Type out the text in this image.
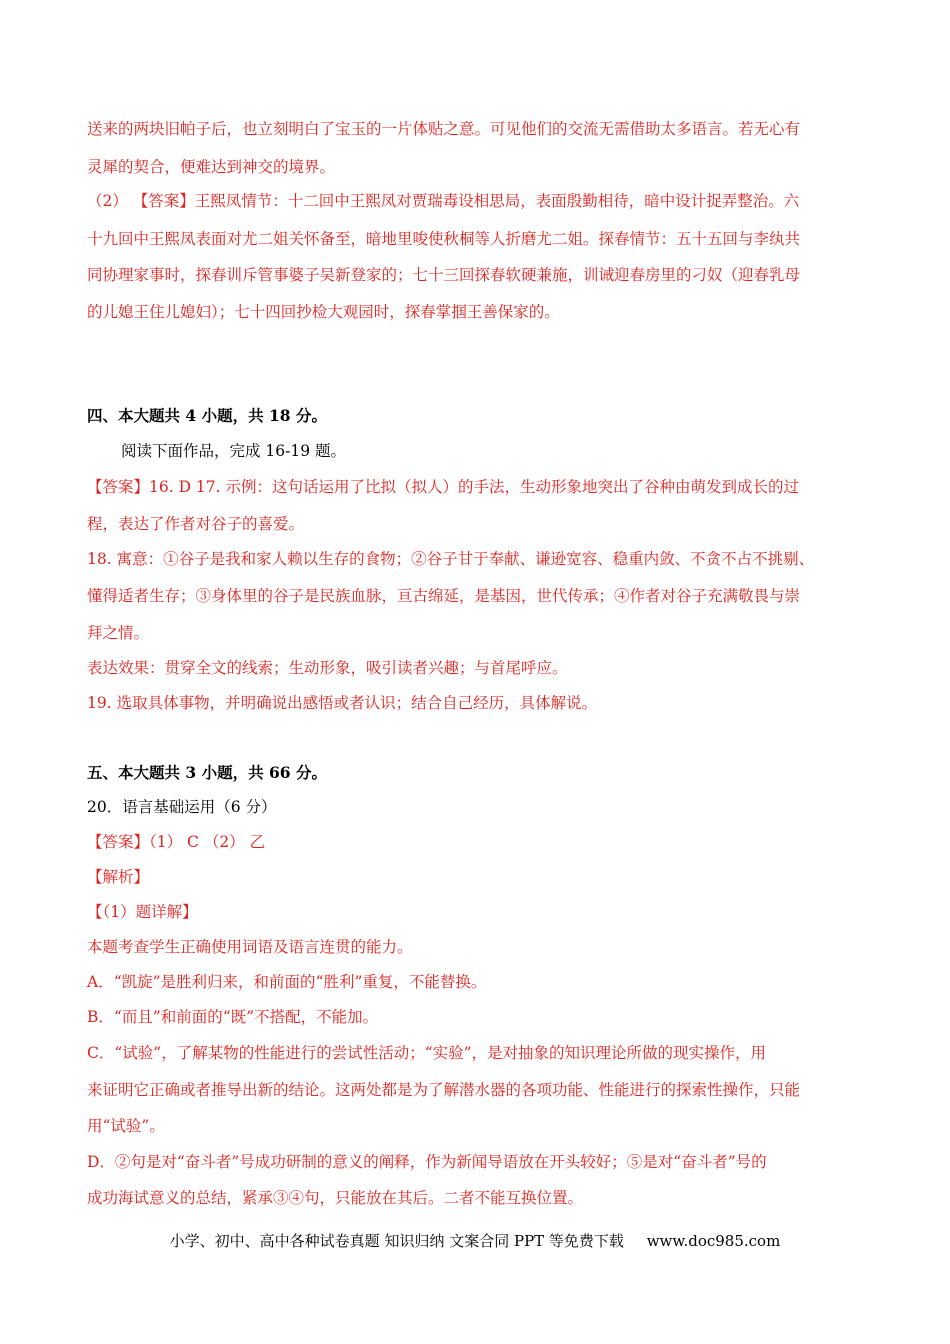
送来的两块旧帕子后，也立刻明白了宝玉的一片体贴之意。可见他们的交流无需借助太多语言。若无心有
灵犀的契合，便难达到神交的境界。
（2） 【答案】王熙凤情节：十二回中王熙凤对贾瑞毒设相思局，表面殷勤相待，暗中设计捉弄整治。六
十九回中王熙凤表面对尤二姐关怀备至，暗地里唆使秋桐等人折磨尤二姐。探春情节：五十五回与李纨共
同协理家事时，探春训斥管事婆子吴新登家的；七十三回探春软硬兼施，训诫迎春房里的刁奴（迎春乳母
的儿媳王住儿媳妇）；七十四回抄检大观园时，探春掌掴王善保家的。
四、本大题共 4 小题，共 18 分。
阅读下面作品，完成 16-19 题。
【答案】16. D 17. 示例：这句话运用了比拟（拟人）的手法，生动形象地突出了谷种由萌发到成长的过
程，表达了作者对谷子的喜爱。
18. 寓意：①谷子是我和家人赖以生存的食物；②谷子甘于奉献、谦逊宽容、稳重内敛、不贪不占不挑剔、
懂得适者生存；③身体里的谷子是民族血脉，亘古绵延，是基因，世代传承；④作者对谷子充满敬畏与崇
拜之情。
表达效果：贯穿全文的线索；生动形象，吸引读者兴趣；与首尾呼应。
19. 选取具体事物，并明确说出感悟或者认识；结合自己经历，具体解说。
五、本大题共 3 小题，共 66 分。
20．语言基础运用（6 分）
【答案】（1） C （2） 乙
【解析】
【（1）题详解】
本题考查学生正确使用词语及语言连贯的能力。
A．“凯旋”是胜利归来，和前面的“胜利”重复，不能替换。
B．“而且”和前面的“既”不搭配，不能加。
C．“试验”，了解某物的性能进行的尝试性活动；“实验”，是对抽象的知识理论所做的现实操作，用
来证明它正确或者推导出新的结论。这两处都是为了解潜水器的各项功能、性能进行的探索性操作，只能
用“试验”。
D．②句是对“奋斗者”号成功研制的意义的阐释，作为新闻导语放在开头较好；⑤是对“奋斗者”号的
成功海试意义的总结，紧承③④句，只能放在其后。二者不能互换位置。
小学、初中、高中各种试卷真题 知识归纳 文案合同 PPT 等免费下载 www.doc985.com
